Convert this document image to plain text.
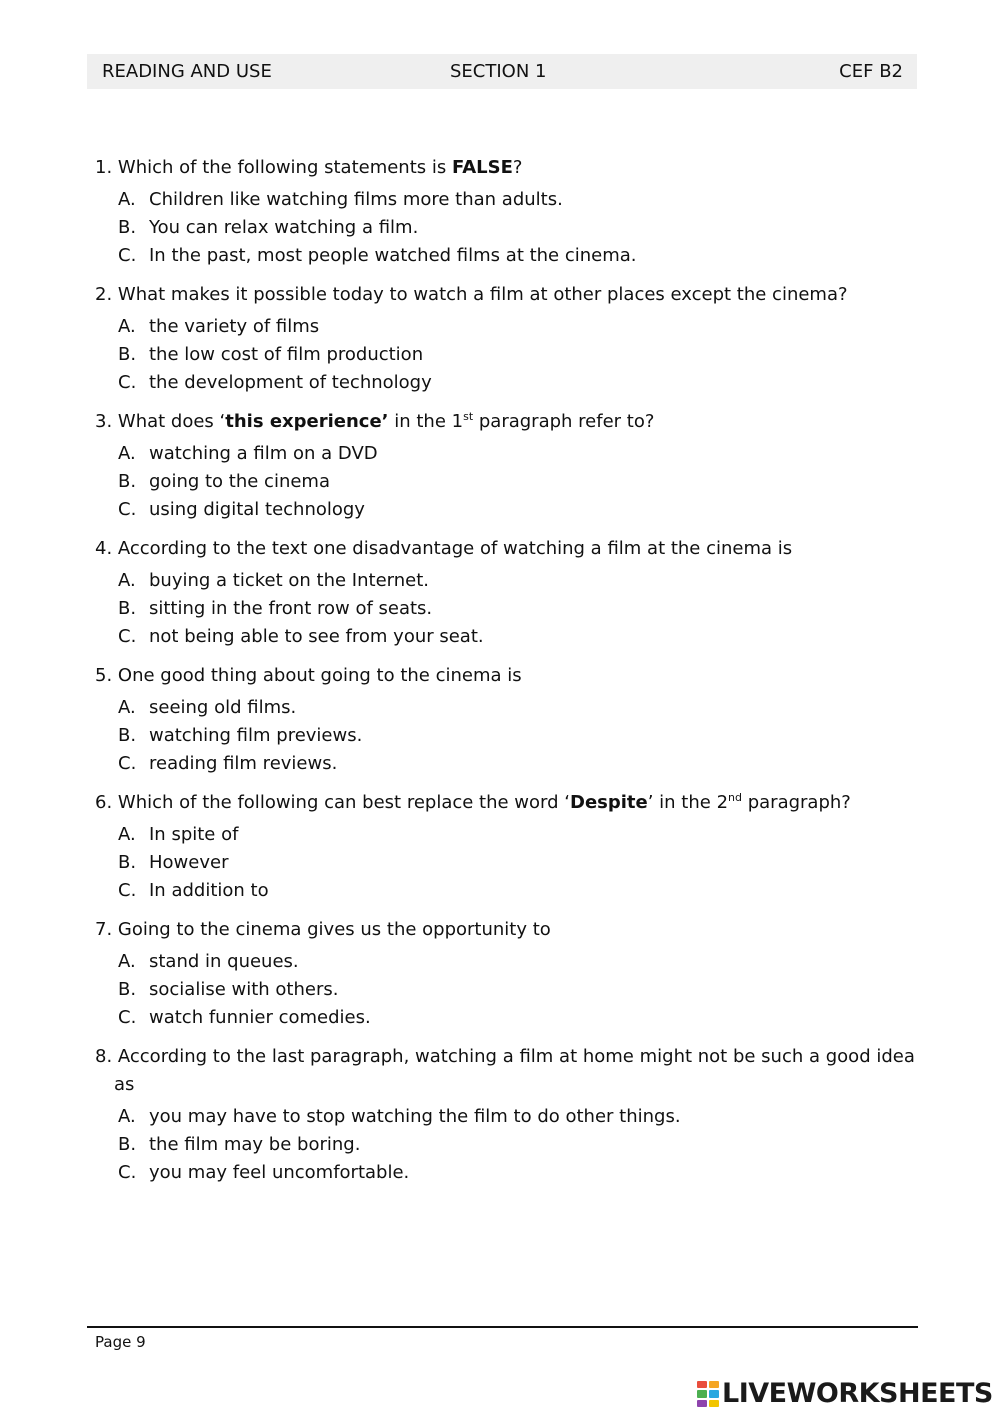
READING AND USE	SECTION 1	CEF B2
1. Which of the following statements is FALSE?
A. Children like watching films more than adults.
B. You can relax watching a film.
C. In the past, most people watched films at the cinema.
2. What makes it possible today to watch a film at other places except the cinema?
A. the variety of films
B. the low cost of film production
C. the development of technology
3. What does ‘this experience’ in the 1st paragraph refer to?
A. watching a film on a DVD
B. going to the cinema
C. using digital technology
4. According to the text one disadvantage of watching a film at the cinema is
A. buying a ticket on the Internet.
B. sitting in the front row of seats.
C. not being able to see from your seat.
5. One good thing about going to the cinema is
A. seeing old films.
B. watching film previews.
C. reading film reviews.
6. Which of the following can best replace the word ‘Despite’ in the 2nd paragraph?
A. In spite of
B. However
C. In addition to
7. Going to the cinema gives us the opportunity to
A. stand in queues.
B. socialise with others.
C. watch funnier comedies.
8. According to the last paragraph, watching a film at home might not be such a good idea as
A. you may have to stop watching the film to do other things.
B. the film may be boring.
C. you may feel uncomfortable.
Page 9
LIVEWORKSHEETS
